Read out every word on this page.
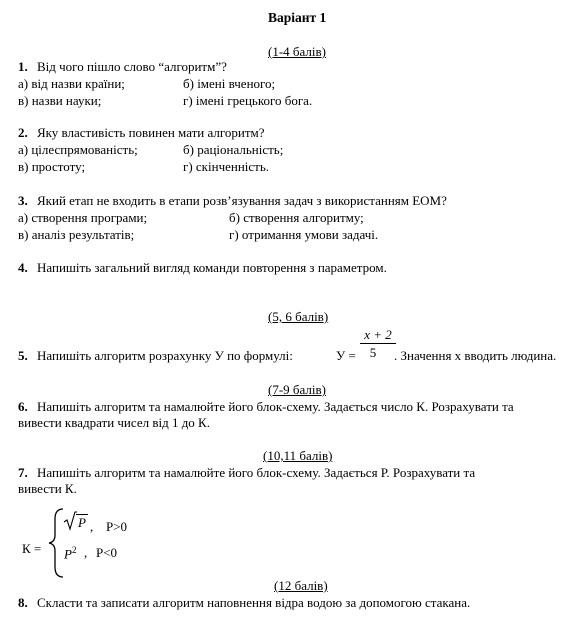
Варіант 1
(1-4 балів)
1. Від чого пішло слово “алгоритм”?
а) від назви країни;	б) імені вченого;
в) назви науки;	г) імені грецького бога.
2. Яку властивість повинен мати алгоритм?
а) цілеспрямованість;	б) раціональність;
в) простоту;	г) скінченність.
3. Який етап не входить в етапи розв’язування задач з використанням ЕОМ?
а) створення програми;	б) створення алгоритму;
в) аналіз результатів;	г) отримання умови задачі.
4. Напишіть загальний вигляд команди повторення з параметром.
(5, 6 балів)
5. Напишіть алгоритм розрахунку У по формулі:	У =
x + 2
5	. Значення x вводить людина.
(7-9 балів)
6. Напишіть алгоритм та намалюйте його блок-схему. Задається число К. Розрахувати та
вивести квадрати чисел від 1 до К.
(10,11 балів)
7. Напишіть алгоритм та намалюйте його блок-схему. Задається Р. Розрахувати та
вивести К.
К =
P , P>0
$P^2$ , P<0
(12 балів)
8. Скласти та записати алгоритм наповнення відра водою за допомогою стакана.
